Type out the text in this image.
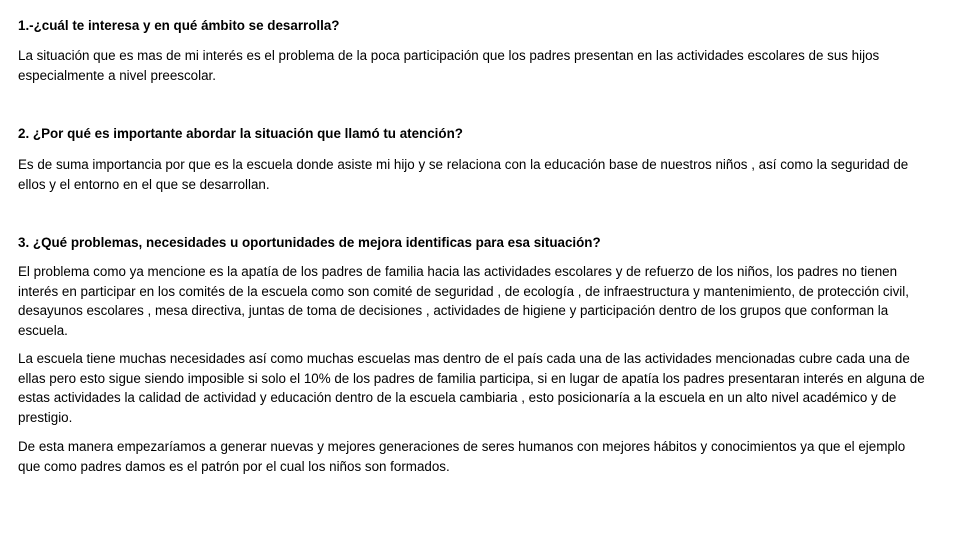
1.-¿cuál te interesa y en qué ámbito se desarrolla?
La situación que es mas de mi interés es el problema de la poca participación que los padres presentan en las actividades escolares de sus hijos especialmente a nivel preescolar.
2. ¿Por qué es importante abordar la situación que llamó tu atención?
Es de suma importancia por que es la escuela donde asiste mi hijo y se relaciona con la educación base de nuestros niños , así como la seguridad de ellos y el entorno en el que se desarrollan.
3. ¿Qué problemas, necesidades u oportunidades de mejora identificas para esa situación?
El problema como ya mencione es la apatía de los padres de familia hacia las actividades escolares y de refuerzo de los niños, los padres no tienen interés en participar en los comités de la escuela como son comité de seguridad , de ecología , de infraestructura y mantenimiento, de protección civil, desayunos escolares , mesa directiva, juntas de toma de decisiones , actividades de higiene y participación dentro de los grupos que conforman la escuela.
La escuela tiene muchas necesidades así como muchas escuelas mas dentro de el país cada una de las actividades mencionadas cubre cada una de ellas pero esto sigue siendo imposible si solo el 10% de los padres de familia participa, si en lugar de apatía los padres presentaran interés en alguna de estas actividades la calidad de actividad y educación dentro de la escuela cambiaria , esto posicionaría a la escuela en un alto nivel académico y de prestigio.
De esta manera empezaríamos a generar nuevas y mejores generaciones de seres humanos con mejores hábitos y conocimientos ya que el ejemplo que como padres damos es el patrón por el cual los niños son formados.
